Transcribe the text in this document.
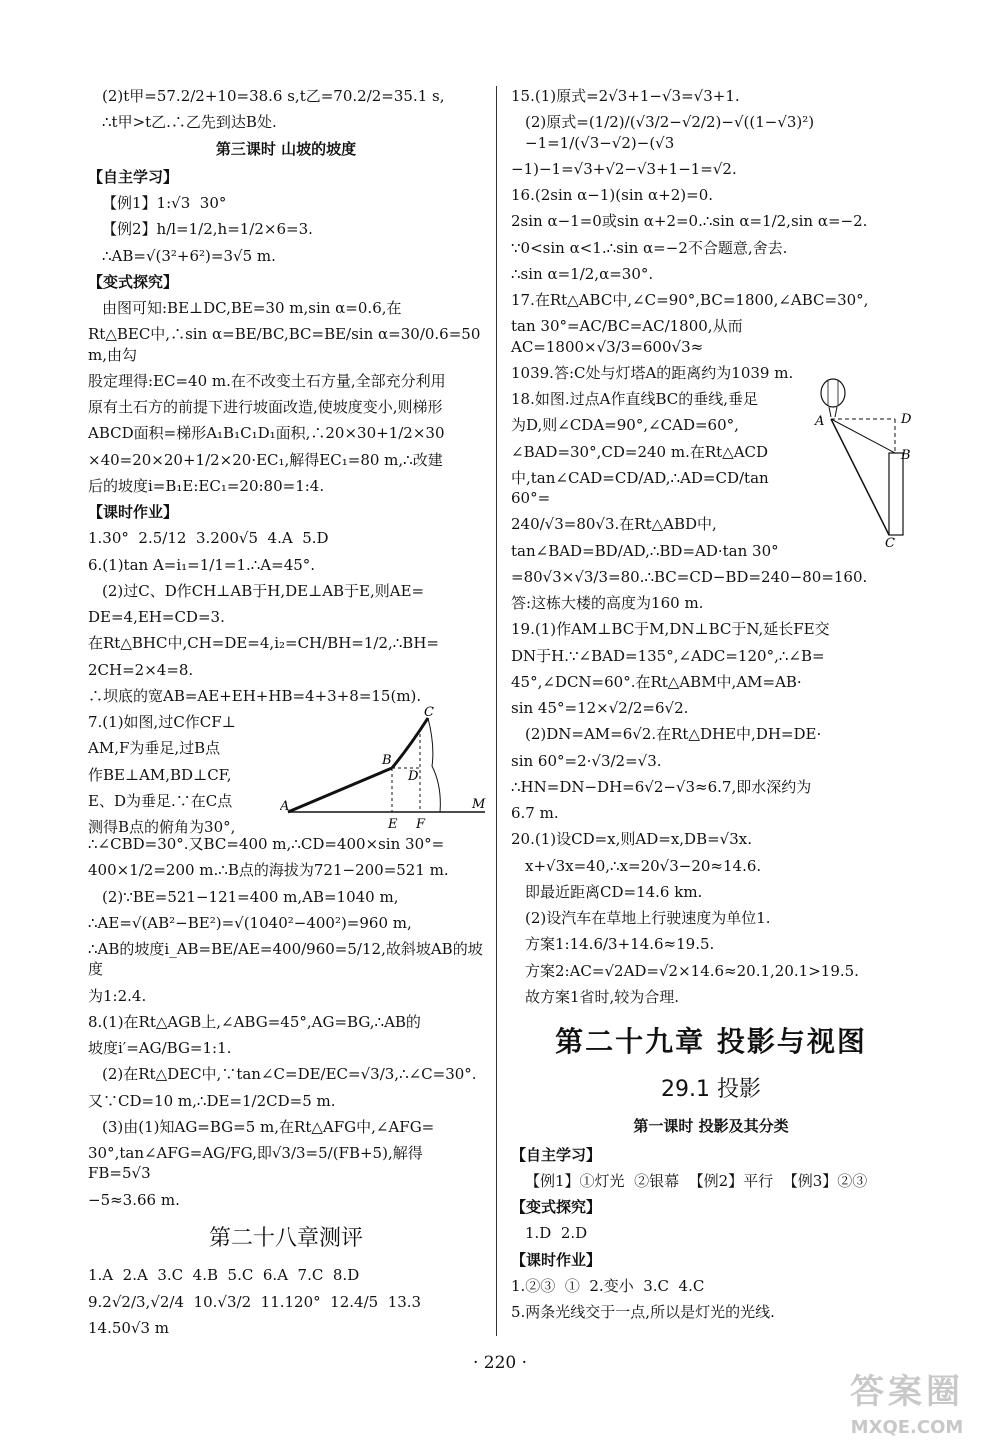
(2)t甲=57.2/2+10=38.6 s,t乙=70.2/2=35.1 s,
∴t甲>t乙.∴乙先到达B处.
第三课时 山坡的坡度
【自主学习】
【例1】1:√3  30°
【例2】h/l=1/2,h=1/2×6=3.
∴AB=√(3²+6²)=3√5 m.
【变式探究】
由图可知:BE⊥DC,BE=30 m,sin α=0.6,在
Rt△BEC中,∴sin α=BE/BC,BC=BE/sin α=30/0.6=50 m,由勾
股定理得:EC=40 m.在不改变土石方量,全部充分利用
原有土石方的前提下进行坡面改造,使坡度变小,则梯形
ABCD面积=梯形A₁B₁C₁D₁面积,∴20×30+1/2×30
×40=20×20+1/2×20·EC₁,解得EC₁=80 m,∴改建
后的坡度i=B₁E:EC₁=20:80=1:4.
【课时作业】
1.30°  2.5/12  3.200√5  4.A  5.D
6.(1)tan A=i₁=1/1=1.∴A=45°.
(2)过C、D作CH⊥AB于H,DE⊥AB于E,则AE=
DE=4,EH=CD=3.
在Rt△BHC中,CH=DE=4,i₂=CH/BH=1/2,∴BH=
2CH=2×4=8.
∴坝底的宽AB=AE+EH+HB=4+3+8=15(m).
7.(1)如图,过C作CF⊥
AM,F为垂足,过B点
作BE⊥AM,BD⊥CF,
E、D为垂足.∵在C点
测得B点的俯角为30°,
A
B
C
D
E F
M
∴∠CBD=30°.又BC=400 m,∴CD=400×sin 30°=
400×1/2=200 m.∴B点的海拔为721−200=521 m.
(2)∵BE=521−121=400 m,AB=1040 m,
∴AE=√(AB²−BE²)=√(1040²−400²)=960 m,
∴AB的坡度i_AB=BE/AE=400/960=5/12,故斜坡AB的坡度
为1:2.4.
8.(1)在Rt△AGB上,∠ABG=45°,AG=BG,∴AB的
坡度i′=AG/BG=1:1.
(2)在Rt△DEC中,∵tan∠C=DE/EC=√3/3,∴∠C=30°.
又∵CD=10 m,∴DE=1/2CD=5 m.
(3)由(1)知AG=BG=5 m,在Rt△AFG中,∠AFG=
30°,tan∠AFG=AG/FG,即√3/3=5/(FB+5),解得FB=5√3
−5≈3.66 m.
第二十八章测评
1.A  2.A  3.C  4.B  5.C  6.A  7.C  8.D
9.2√2/3,√2/4  10.√3/2  11.120°  12.4/5  13.3
14.50√3 m
15.(1)原式=2√3+1−√3=√3+1.
(2)原式=(1/2)/(√3/2−√2/2)−√((1−√3)²)−1=1/(√3−√2)−(√3
−1)−1=√3+√2−√3+1−1=√2.
16.(2sin α−1)(sin α+2)=0.
2sin α−1=0或sin α+2=0.∴sin α=1/2,sin α=−2.
∵0<sin α<1.∴sin α=−2不合题意,舍去.
∴sin α=1/2,α=30°.
17.在Rt△ABC中,∠C=90°,BC=1800,∠ABC=30°,
tan 30°=AC/BC=AC/1800,从而AC=1800×√3/3=600√3≈
1039.答:C处与灯塔A的距离约为1039 m.
18.如图.过点A作直线BC的垂线,垂足
为D,则∠CDA=90°,∠CAD=60°,
∠BAD=30°,CD=240 m.在Rt△ACD
中,tan∠CAD=CD/AD,∴AD=CD/tan 60°=
240/√3=80√3.在Rt△ABD中,
tan∠BAD=BD/AD,∴BD=AD·tan 30°
A	D
B
C
=80√3×√3/3=80.∴BC=CD−BD=240−80=160.
答:这栋大楼的高度为160 m.
19.(1)作AM⊥BC于M,DN⊥BC于N,延长FE交
DN于H.∵∠BAD=135°,∠ADC=120°,∴∠B=
45°,∠DCN=60°.在Rt△ABM中,AM=AB·
sin 45°=12×√2/2=6√2.
(2)DN=AM=6√2.在Rt△DHE中,DH=DE·
sin 60°=2·√3/2=√3.
∴HN=DN−DH=6√2−√3≈6.7,即水深约为
6.7 m.
20.(1)设CD=x,则AD=x,DB=√3x.
x+√3x=40,∴x=20√3−20≈14.6.
即最近距离CD=14.6 km.
(2)设汽车在草地上行驶速度为单位1.
方案1:14.6/3+14.6≈19.5.
方案2:AC=√2AD=√2×14.6≈20.1,20.1>19.5.
故方案1省时,较为合理.
第二十九章 投影与视图
29.1 投影
第一课时 投影及其分类
【自主学习】
【例1】①灯光  ②银幕  【例2】平行  【例3】②③
【变式探究】
1.D  2.D
【课时作业】
1.②③  ①  2.变小  3.C  4.C
5.两条光线交于一点,所以是灯光的光线.
· 220 ·
答案圈
MXQE.COM
